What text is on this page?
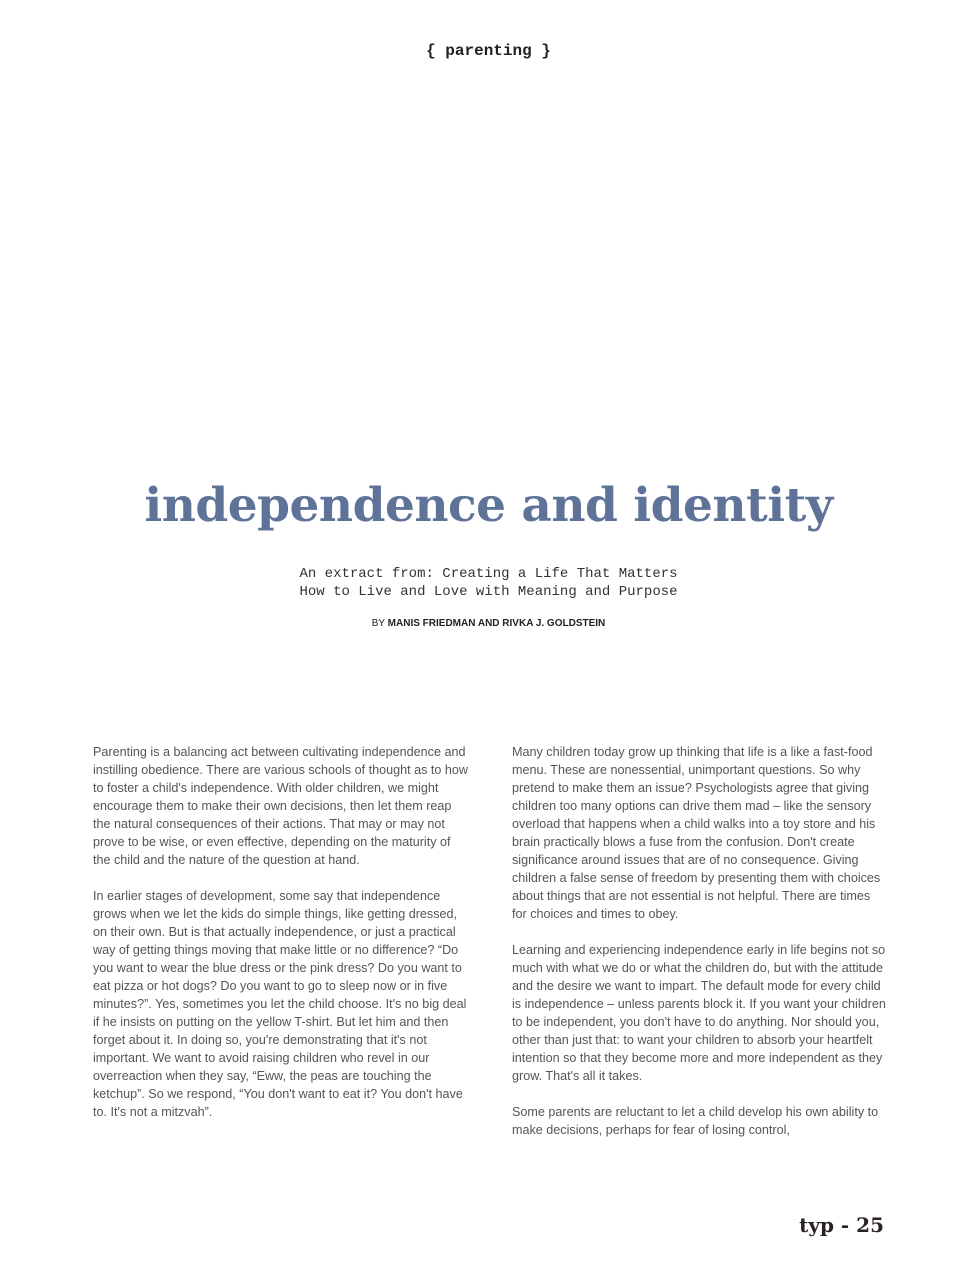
{ parenting }
independence and identity
An extract from: Creating a Life That Matters
How to Live and Love with Meaning and Purpose
BY MANIS FRIEDMAN AND RIVKA J. GOLDSTEIN

Parenting is a balancing act between cultivating independence and instilling obedience. There are various schools of thought as to how to foster a child's independence. With older children, we might encourage them to make their own decisions, then let them reap the natural consequences of their actions. That may or may not prove to be wise, or even effective, depending on the maturity of the child and the nature of the question at hand.

In earlier stages of development, some say that independence grows when we let the kids do simple things, like getting dressed, on their own. But is that actually independence, or just a practical way of getting things moving that make little or no difference? “Do you want to wear the blue dress or the pink dress? Do you want to eat pizza or hot dogs? Do you want to go to sleep now or in five minutes?”. Yes, sometimes you let the child choose. It's no big deal if he insists on putting on the yellow T-shirt. But let him and then forget about it. In doing so, you're demonstrating that it's not important. We want to avoid raising children who revel in our overreaction when they say, “Eww, the peas are touching the ketchup”. So we respond, “You don't want to eat it? You don't have to. It's not a mitzvah”.

Many children today grow up thinking that life is a like a fast-food menu. These are nonessential, unimportant questions. So why pretend to make them an issue? Psychologists agree that giving children too many options can drive them mad – like the sensory overload that happens when a child walks into a toy store and his brain practically blows a fuse from the confusion. Don't create significance around issues that are of no consequence. Giving children a false sense of freedom by presenting them with choices about things that are not essential is not helpful. There are times for choices and times to obey.

Learning and experiencing independence early in life begins not so much with what we do or what the children do, but with the attitude and the desire we want to impart. The default mode for every child is independence – unless parents block it. If you want your children to be independent, you don't have to do anything. Nor should you, other than just that: to want your children to absorb your heartfelt intention so that they become more and more independent as they grow. That's all it takes.

Some parents are reluctant to let a child develop his own ability to make decisions, perhaps for fear of losing control,

typ - 25
